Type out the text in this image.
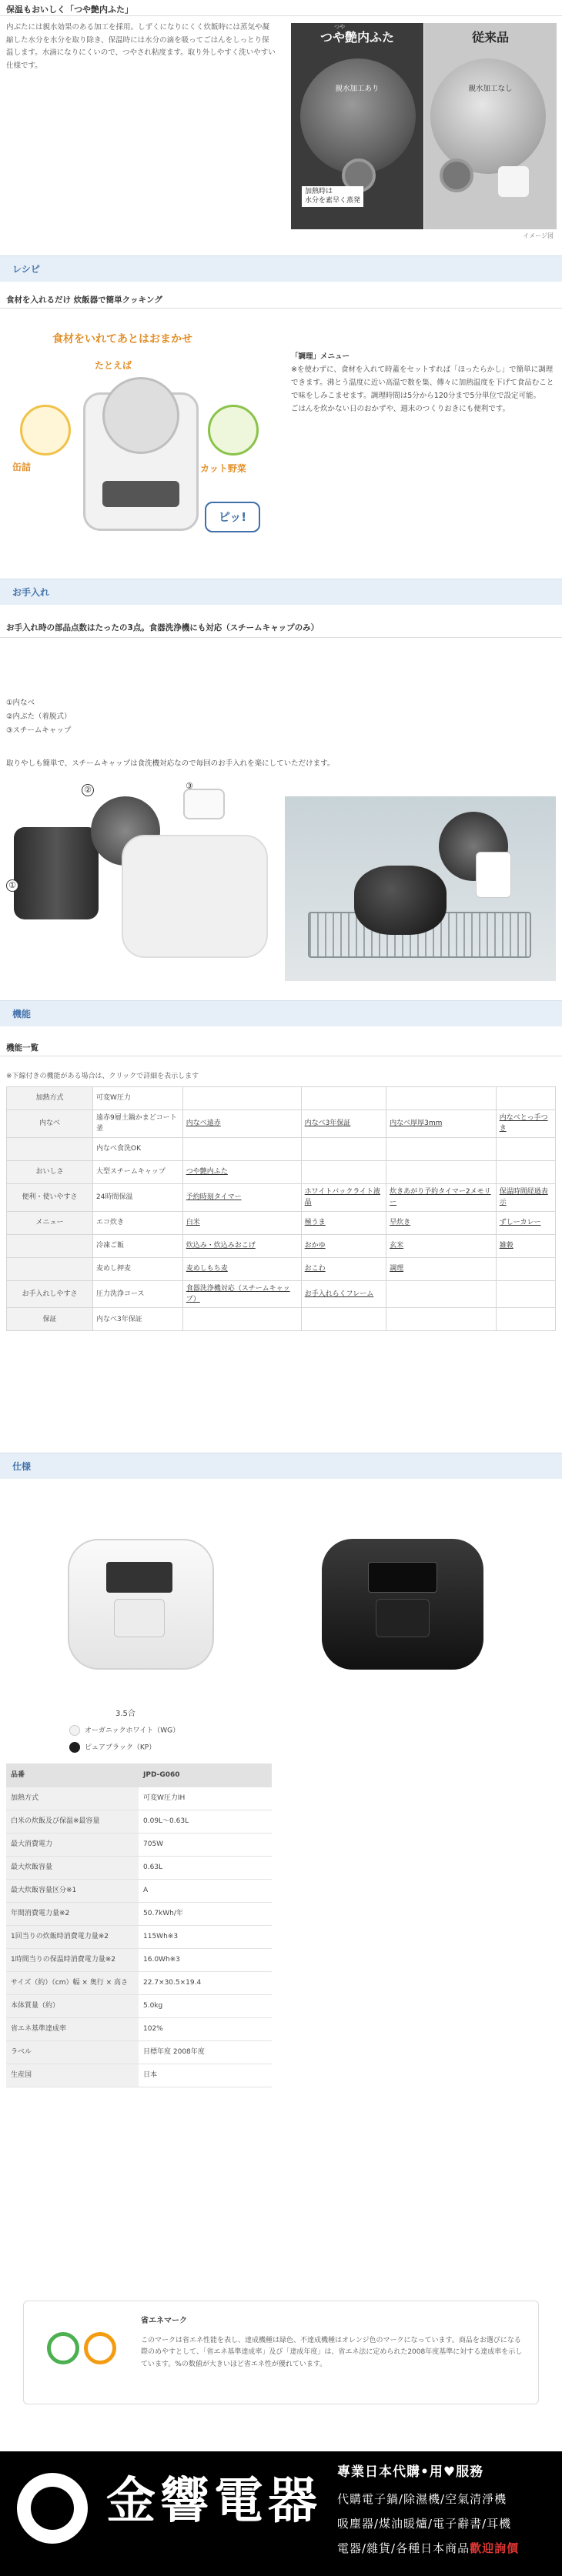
保温もおいしく「つや艶内ふた」
内ぶたには親水効果のある加工を採用。しずくになりにくく炊飯時には蒸気や凝縮した水分を水分を取り除き、保温時には水分の滴を吸ってごはんをしっとり保温します。水滴になりにくいので、つやされ粘度ます。取り外しやすく洗いやすい仕様です。
つや
つや艶内ふた
親水加工あり
加熱時は
水分を素早く蒸発
従来品
親水加工なし
イメージ図
レシピ
食材を入れるだけ 炊飯器で簡単クッキング
食材をいれてあとはおまかせ
たとえば
缶詰	カット野菜
ピッ!
「調理」メニュー
※を使わずに、食材を入れて時蓋をセットすれば「ほったらかし」で簡単に調理できます。沸とう温度に近い高温で数を集、傳々に加熱温度を下げて食品むことで味をしみこませます。調理時間は5分から120分まで5分単位で設定可能。
ごはんを炊かない日のおかずや、週末のつくりおきにも便利です。
お手入れ
お手入れ時の部品点数はたったの3点。食器洗浄機にも対応（スチームキャップのみ）
①内なべ
②内ぶた（着脱式）
③スチームキャップ
取りやしも簡単で、スチームキャップは食洗機対応なので毎回のお手入れを楽にしていただけます。
②	③
①
機能
機能一覧
※下線付きの機能がある場合は、クリックで詳細を表示します
加熱方式	可変W圧力				
内なべ	遠赤9層土鍋かまどコート釜	内なべ遠赤	内なべ3年保証	内なべ厚厚3mm	内なべとっ手つき
	内なべ食洗OK				
おいしさ	大型スチームキャップ	つや艶内ふた			
便利・使いやすさ	24時間保温	予約時刻タイマー	ホワイトバックライト液晶	炊きあがり予約タイマー2メモリー	保温時間経過表示
メニュー	エコ炊き	白米	極うま	早炊き	ずしーカレー
	冷凍ご飯	炊込み・炊込みおこげ	おかゆ	玄米	雑穀
	麦めし押麦	麦めしもち麦	おこわ	調理	
お手入れしやすさ	圧力洗浄コース	食器洗浄機対応（スチームキャップ）	お手入れらくフレーム		
保証	内なべ3年保証				
仕様
3.5合
オーガニックホワイト（WG）
ピュアブラック（KP）
品番	JPD-G060
加熱方式	可変W圧力IH
白米の炊飯及び保温※最容量	0.09L〜0.63L
最大消費電力	705W
最大炊飯容量	0.63L
最大炊飯容量区分※1	A
年間消費電力量※2	50.7kWh/年
1回当りの炊飯時消費電力量※2	115Wh※3
1時間当りの保温時消費電力量※2	16.0Wh※3
サイズ（約）（cm）幅 × 奥行 × 高さ	22.7×30.5×19.4
本体質量（約）	5.0kg
省エネ基準達成率	102%
ラベル	目標年度 2008年度
生産国	日本
省エネマーク
このマークは省エネ性能を表し、達成機種は緑色、不達成機種はオレンジ色のマークになっています。商品をお選びになる際のめやすとして、「省エネ基準達成率」及び「達成年度」は、省エネ法に定められた2008年度基準に対する達成率を示しています。%の数値が大きいほど省エネ性が優れています。
金響電器
專業日本代購•用♥服務
代購電子鍋/除濕機/空氣清淨機
吸塵器/煤油暖爐/電子辭書/耳機
電器/雜貨/各種日本商品歡迎詢價
